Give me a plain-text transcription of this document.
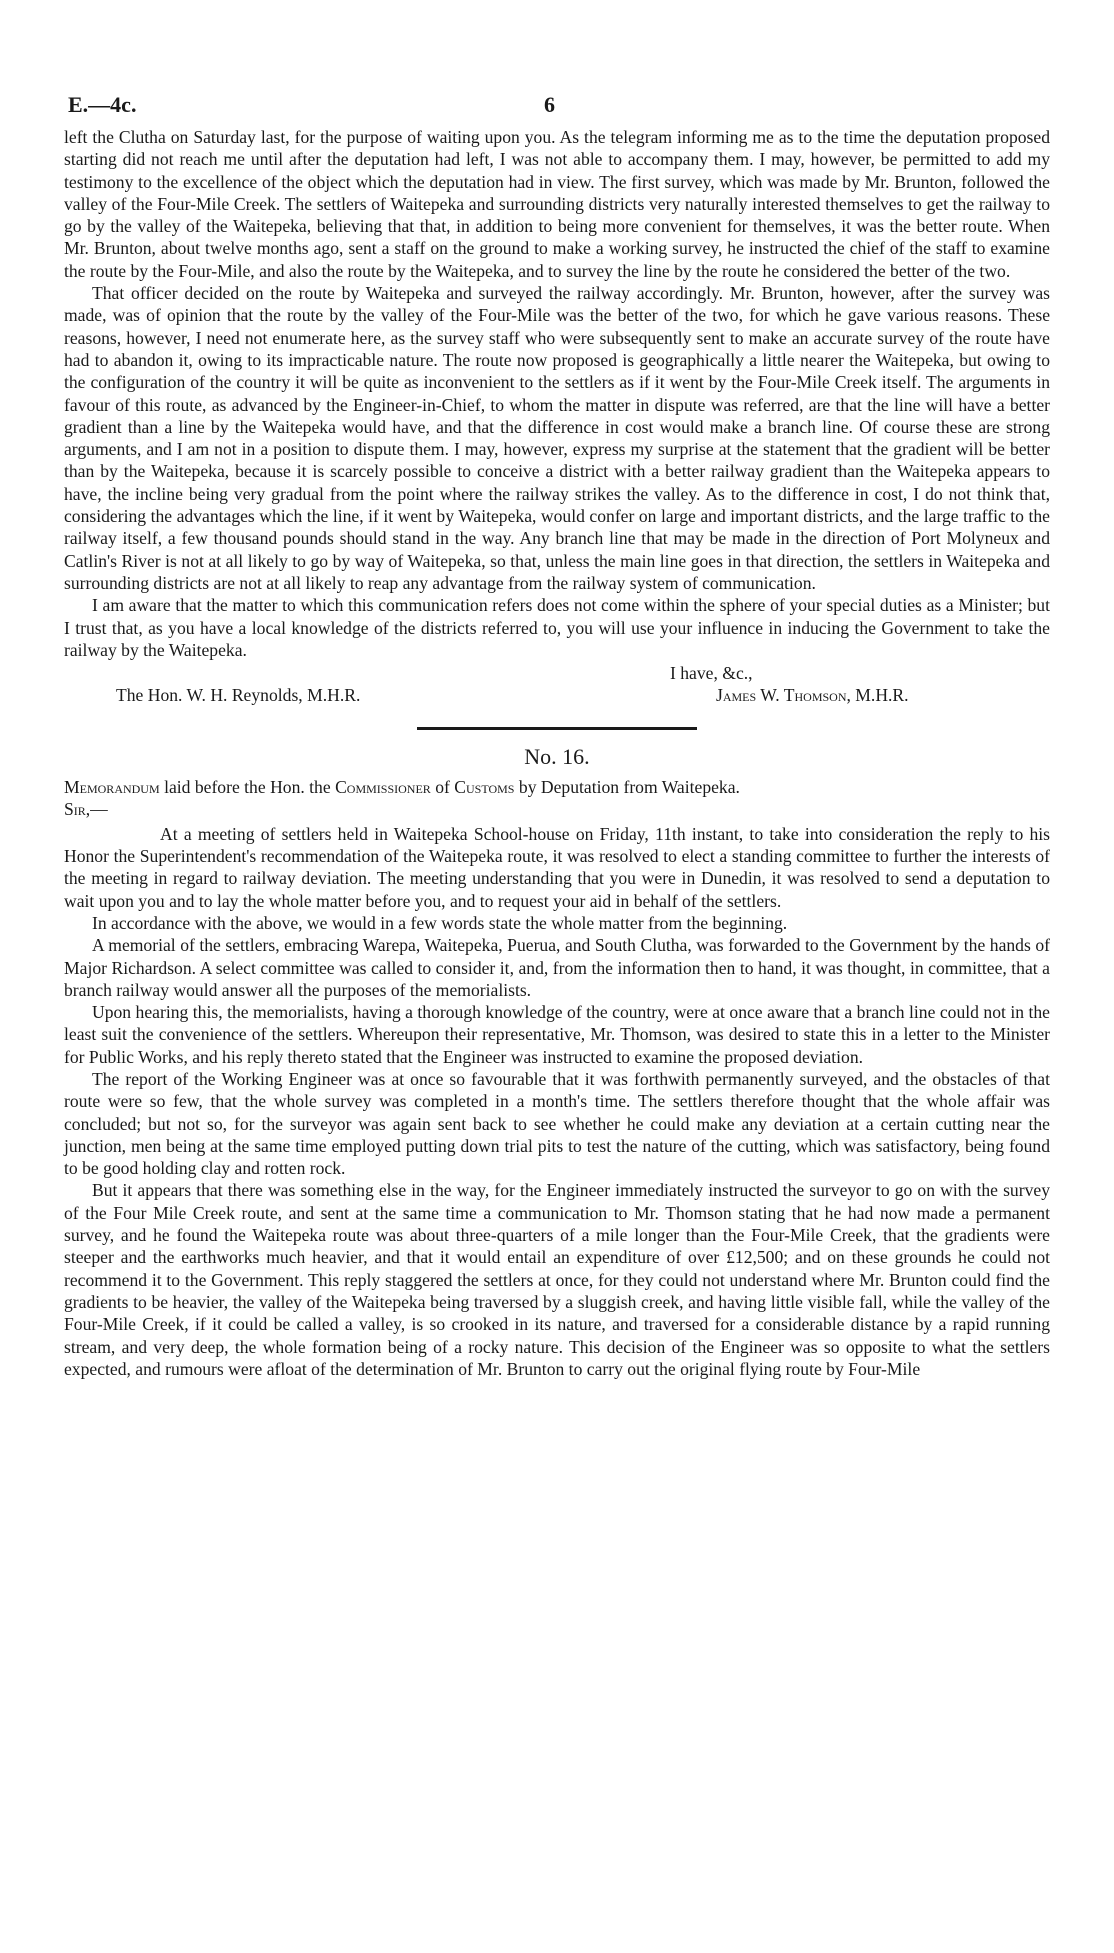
E.—4c.	6

left the Clutha on Saturday last, for the purpose of waiting upon you. As the telegram informing me as to the time the deputation proposed starting did not reach me until after the deputation had left, I was not able to accompany them. I may, however, be permitted to add my testimony to the excellence of the object which the deputation had in view. The first survey, which was made by Mr. Brunton, followed the valley of the Four-Mile Creek. The settlers of Waitepeka and surrounding districts very naturally interested themselves to get the railway to go by the valley of the Waitepeka, believing that that, in addition to being more convenient for themselves, it was the better route. When Mr. Brunton, about twelve months ago, sent a staff on the ground to make a working survey, he instructed the chief of the staff to examine the route by the Four-Mile, and also the route by the Waitepeka, and to survey the line by the route he considered the better of the two.

That officer decided on the route by Waitepeka and surveyed the railway accordingly. Mr. Brunton, however, after the survey was made, was of opinion that the route by the valley of the Four-Mile was the better of the two, for which he gave various reasons. These reasons, however, I need not enumerate here, as the survey staff who were subsequently sent to make an accurate survey of the route have had to abandon it, owing to its impracticable nature. The route now proposed is geographically a little nearer the Waitepeka, but owing to the configuration of the country it will be quite as inconvenient to the settlers as if it went by the Four-Mile Creek itself. The arguments in favour of this route, as advanced by the Engineer-in-Chief, to whom the matter in dispute was referred, are that the line will have a better gradient than a line by the Waitepeka would have, and that the difference in cost would make a branch line. Of course these are strong arguments, and I am not in a position to dispute them. I may, however, express my surprise at the statement that the gradient will be better than by the Waitepeka, because it is scarcely possible to conceive a district with a better railway gradient than the Waitepeka appears to have, the incline being very gradual from the point where the railway strikes the valley. As to the difference in cost, I do not think that, considering the advantages which the line, if it went by Waitepeka, would confer on large and important districts, and the large traffic to the railway itself, a few thousand pounds should stand in the way. Any branch line that may be made in the direction of Port Molyneux and Catlin's River is not at all likely to go by way of Waitepeka, so that, unless the main line goes in that direction, the settlers in Waitepeka and surrounding districts are not at all likely to reap any advantage from the railway system of communication.

I am aware that the matter to which this communication refers does not come within the sphere of your special duties as a Minister; but I trust that, as you have a local knowledge of the districts referred to, you will use your influence in inducing the Government to take the railway by the Waitepeka.

I have, &c.,
The Hon. W. H. Reynolds, M.H.R.	James W. Thomson, M.H.R.
No. 16.

Memorandum laid before the Hon. the Commissioner of Customs by Deputation from Waitepeka.

Sir,—

At a meeting of settlers held in Waitepeka School-house on Friday, 11th instant, to take into consideration the reply to his Honor the Superintendent's recommendation of the Waitepeka route, it was resolved to elect a standing committee to further the interests of the meeting in regard to railway deviation. The meeting understanding that you were in Dunedin, it was resolved to send a deputation to wait upon you and to lay the whole matter before you, and to request your aid in behalf of the settlers.

In accordance with the above, we would in a few words state the whole matter from the beginning.

A memorial of the settlers, embracing Warepa, Waitepeka, Puerua, and South Clutha, was forwarded to the Government by the hands of Major Richardson. A select committee was called to consider it, and, from the information then to hand, it was thought, in committee, that a branch railway would answer all the purposes of the memorialists.

Upon hearing this, the memorialists, having a thorough knowledge of the country, were at once aware that a branch line could not in the least suit the convenience of the settlers. Whereupon their representative, Mr. Thomson, was desired to state this in a letter to the Minister for Public Works, and his reply thereto stated that the Engineer was instructed to examine the proposed deviation.

The report of the Working Engineer was at once so favourable that it was forthwith permanently surveyed, and the obstacles of that route were so few, that the whole survey was completed in a month's time. The settlers therefore thought that the whole affair was concluded; but not so, for the surveyor was again sent back to see whether he could make any deviation at a certain cutting near the junction, men being at the same time employed putting down trial pits to test the nature of the cutting, which was satisfactory, being found to be good holding clay and rotten rock.

But it appears that there was something else in the way, for the Engineer immediately instructed the surveyor to go on with the survey of the Four Mile Creek route, and sent at the same time a communication to Mr. Thomson stating that he had now made a permanent survey, and he found the Waitepeka route was about three-quarters of a mile longer than the Four-Mile Creek, that the gradients were steeper and the earthworks much heavier, and that it would entail an expenditure of over £12,500; and on these grounds he could not recommend it to the Government. This reply staggered the settlers at once, for they could not understand where Mr. Brunton could find the gradients to be heavier, the valley of the Waitepeka being traversed by a sluggish creek, and having little visible fall, while the valley of the Four-Mile Creek, if it could be called a valley, is so crooked in its nature, and traversed for a considerable distance by a rapid running stream, and very deep, the whole formation being of a rocky nature. This decision of the Engineer was so opposite to what the settlers expected, and rumours were afloat of the determination of Mr. Brunton to carry out the original flying route by Four-Mile
